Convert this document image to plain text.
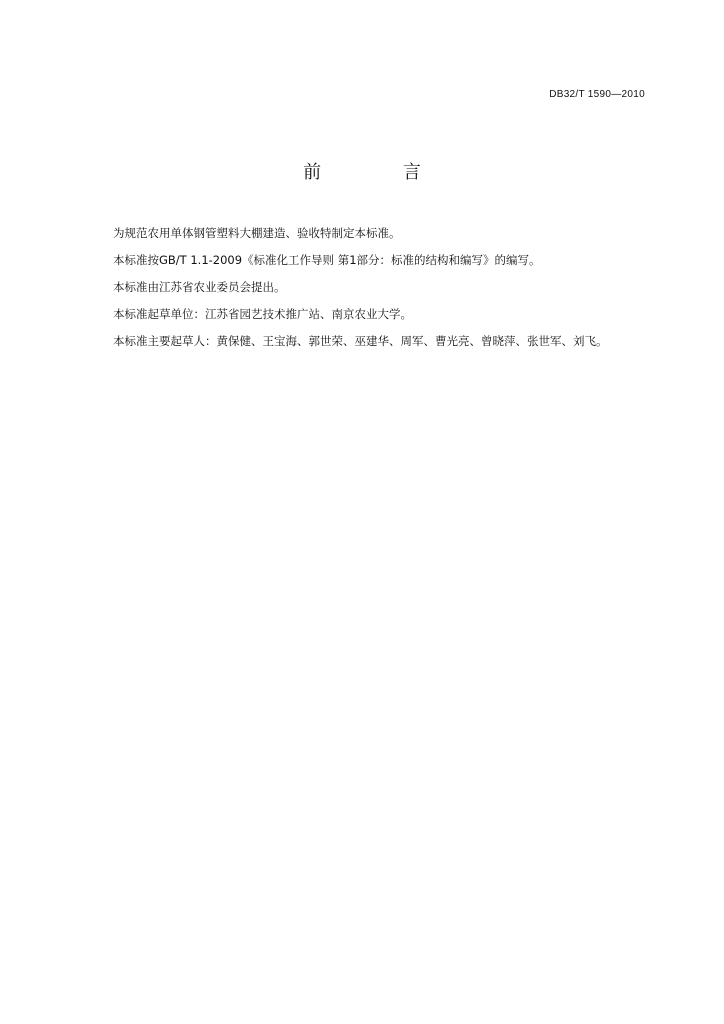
DB32/T 1590—2010
前 言

为规范农用单体钢管塑料大棚建造、验收特制定本标准。

本标准按GB/T 1.1-2009《标准化工作导则 第1部分：标准的结构和编写》的编写。

本标准由江苏省农业委员会提出。

本标准起草单位：江苏省园艺技术推广站、南京农业大学。

本标准主要起草人：黄保健、王宝海、郭世荣、巫建华、周军、曹光亮、曾晓萍、张世军、刘飞。
